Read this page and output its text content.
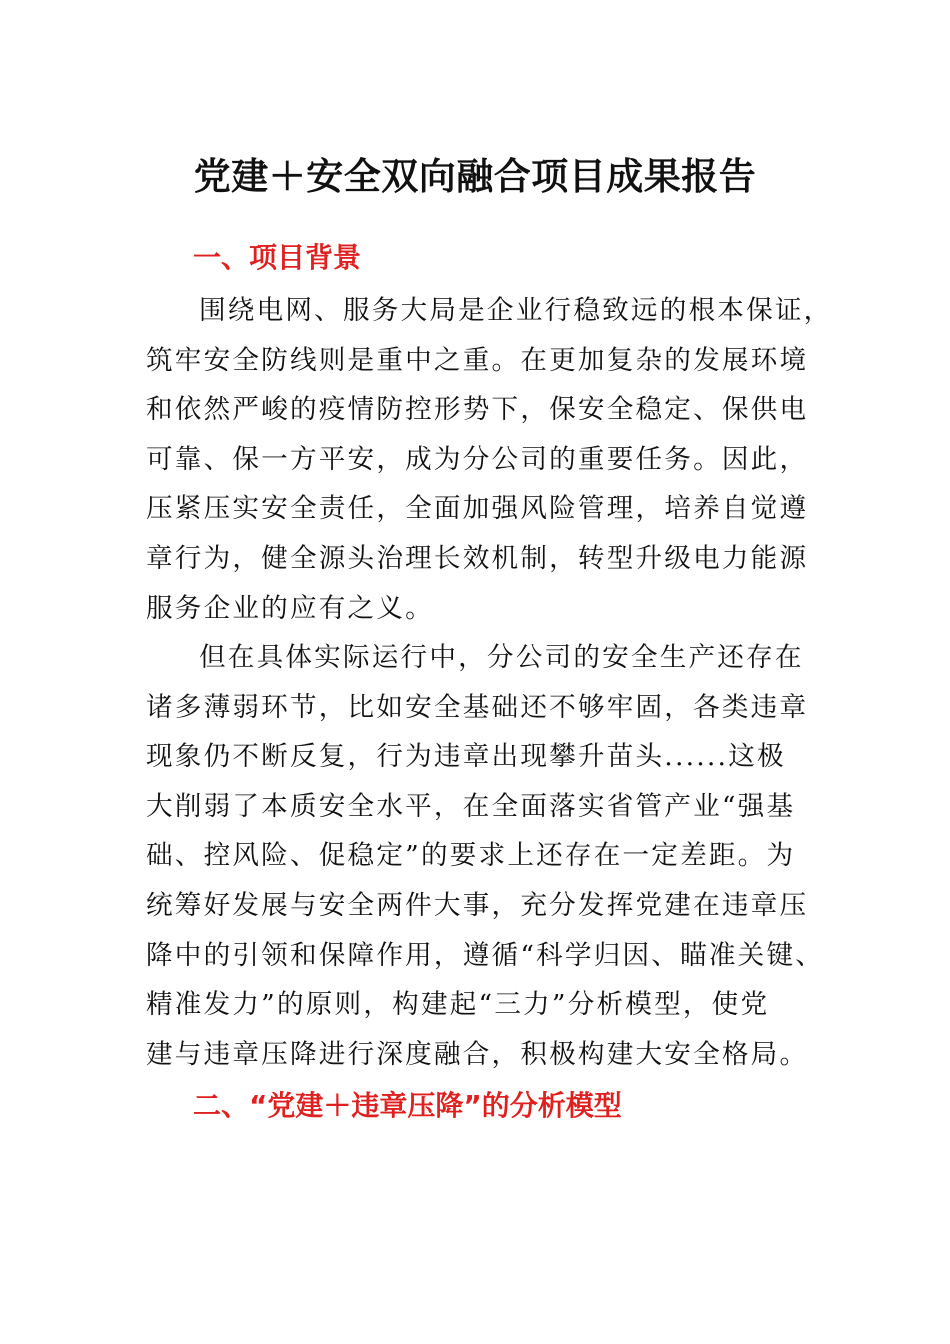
党建＋安全双向融合项目成果报告
一、项目背景
围绕电网、服务大局是企业行稳致远的根本保证，
筑牢安全防线则是重中之重。在更加复杂的发展环境
和依然严峻的疫情防控形势下，保安全稳定、保供电
可靠、保一方平安，成为分公司的重要任务。因此，
压紧压实安全责任，全面加强风险管理，培养自觉遵
章行为，健全源头治理长效机制，转型升级电力能源
服务企业的应有之义。
但在具体实际运行中，分公司的安全生产还存在
诸多薄弱环节，比如安全基础还不够牢固，各类违章
现象仍不断反复，行为违章出现攀升苗头......这极
大削弱了本质安全水平，在全面落实省管产业“强基
础、控风险、促稳定”的要求上还存在一定差距。为
统筹好发展与安全两件大事，充分发挥党建在违章压
降中的引领和保障作用，遵循“科学归因、瞄准关键、
精准发力”的原则，构建起“三力”分析模型，使党
建与违章压降进行深度融合，积极构建大安全格局。
二、“党建＋违章压降”的分析模型
